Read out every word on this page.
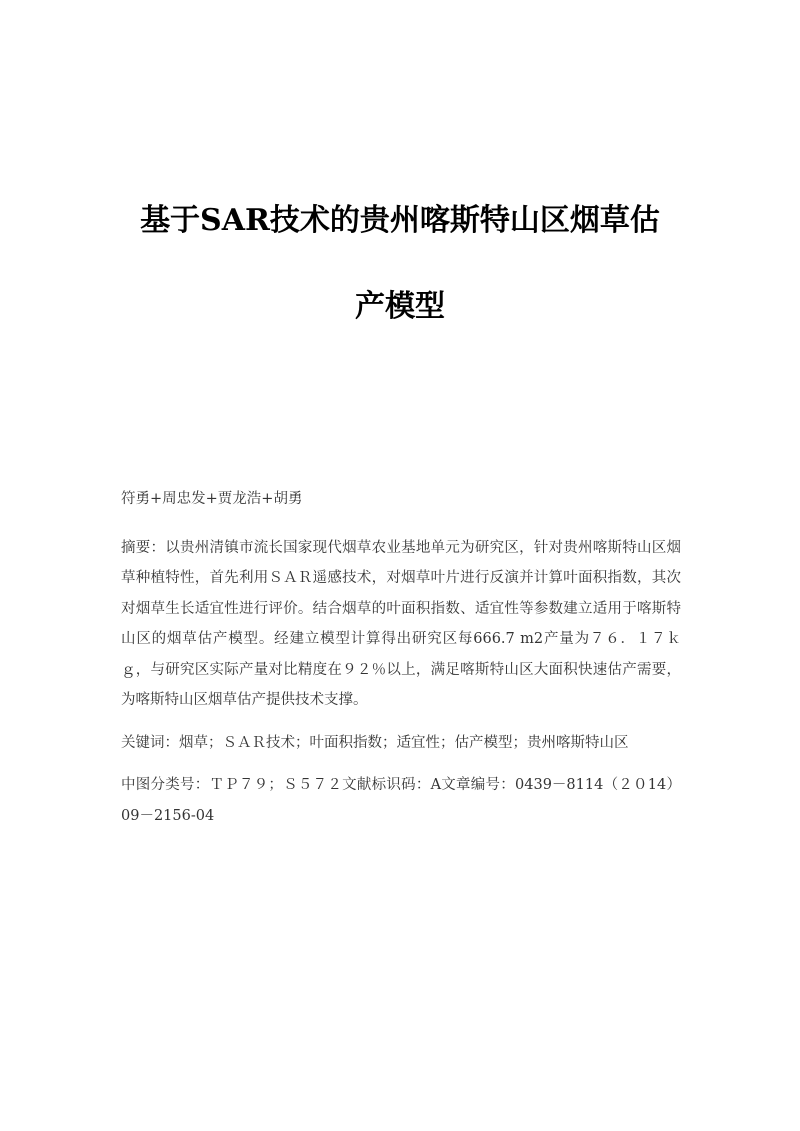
基于SAR技术的贵州喀斯特山区烟草估
产模型

符勇+周忠发+贾龙浩+胡勇

摘要：以贵州清镇市流长国家现代烟草农业基地单元为研究区，针对贵州喀斯特山区烟草种植特性，首先利用ＳＡＲ遥感技术，对烟草叶片进行反演并计算叶面积指数，其次对烟草生长适宜性进行评价。结合烟草的叶面积指数、适宜性等参数建立适用于喀斯特山区的烟草估产模型。经建立模型计算得出研究区每666.7 m2产量为７６．１７ｋｇ，与研究区实际产量对比精度在９２％以上，满足喀斯特山区大面积快速估产需要，为喀斯特山区烟草估产提供技术支撑。

关键词：烟草；ＳＡＲ技术；叶面积指数；适宜性；估产模型；贵州喀斯特山区

中图分类号：ＴＰ７９；Ｓ５７２文献标识码：A文章编号：0439－8114（２０14）09－2156-04
